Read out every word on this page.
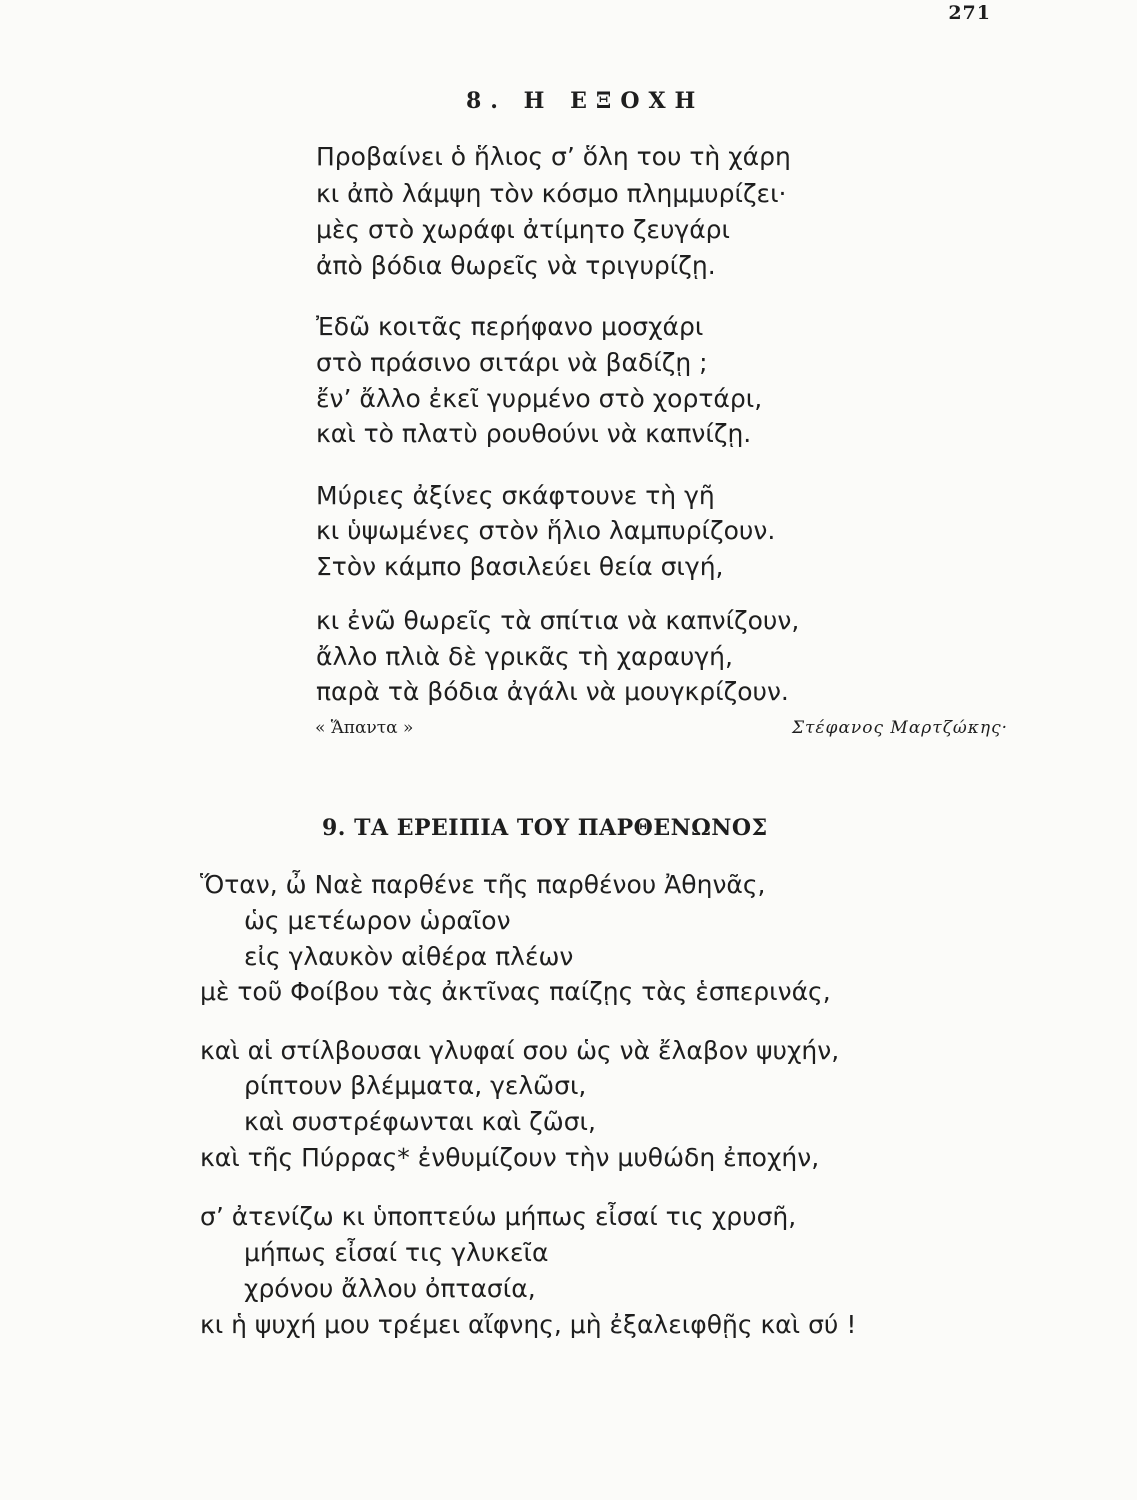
271
8. Η ΕΞΟΧΗ
Προβαίνει ὁ ἥλιος σ’ ὅλη του τὴ χάρη
κι ἀπὸ λάμψη τὸν κόσμο πλημμυρίζει·
μὲς στὸ χωράφι ἀτίμητο ζευγάρι
ἀπὸ βόδια θωρεῖς νὰ τριγυρίζῃ.
Ἐδῶ κοιτᾶς περήφανο μοσχάρι
στὸ πράσινο σιτάρι νὰ βαδίζῃ ;
ἔν’ ἄλλο ἐκεῖ γυρμένο στὸ χορτάρι,
καὶ τὸ πλατὺ ρουθούνι νὰ καπνίζῃ.
Μύριες ἀξίνες σκάφτουνε τὴ γῆ
κι ὑψωμένες στὸν ἥλιο λαμπυρίζουν.
Στὸν κάμπο βασιλεύει θεία σιγή,
κι ἐνῶ θωρεῖς τὰ σπίτια νὰ καπνίζουν,
ἄλλο πλιὰ δὲ γρικᾶς τὴ χαραυγή,
παρὰ τὰ βόδια ἀγάλι νὰ μουγκρίζουν.
« Ἅπαντα »	Στέφανος Μαρτζώκης·
9. ΤΑ ΕΡΕΙΠΙΑ ΤΟΥ ΠΑΡΘΕΝΩΝΟΣ
Ὅταν, ὦ Ναὲ παρθένε τῆς παρθένου Ἀθηνᾶς,
ὡς μετέωρον ὡραῖον
εἰς γλαυκὸν αἰθέρα πλέων
μὲ τοῦ Φοίβου τὰς ἀκτῖνας παίζῃς τὰς ἑσπερινάς,
καὶ αἱ στίλβουσαι γλυφαί σου ὡς νὰ ἔλαβον ψυχήν,
ρίπτουν βλέμματα, γελῶσι,
καὶ συστρέφωνται καὶ ζῶσι,
καὶ τῆς Πύρρας* ἐνθυμίζουν τὴν μυθώδη ἐποχήν,
σ’ ἀτενίζω κι ὑποπτεύω μήπως εἶσαί τις χρυσῆ,
μήπως εἶσαί τις γλυκεῖα
χρόνου ἄλλου ὀπτασία,
κι ἡ ψυχή μου τρέμει αἴφνης, μὴ ἐξαλειφθῇς καὶ σύ !
